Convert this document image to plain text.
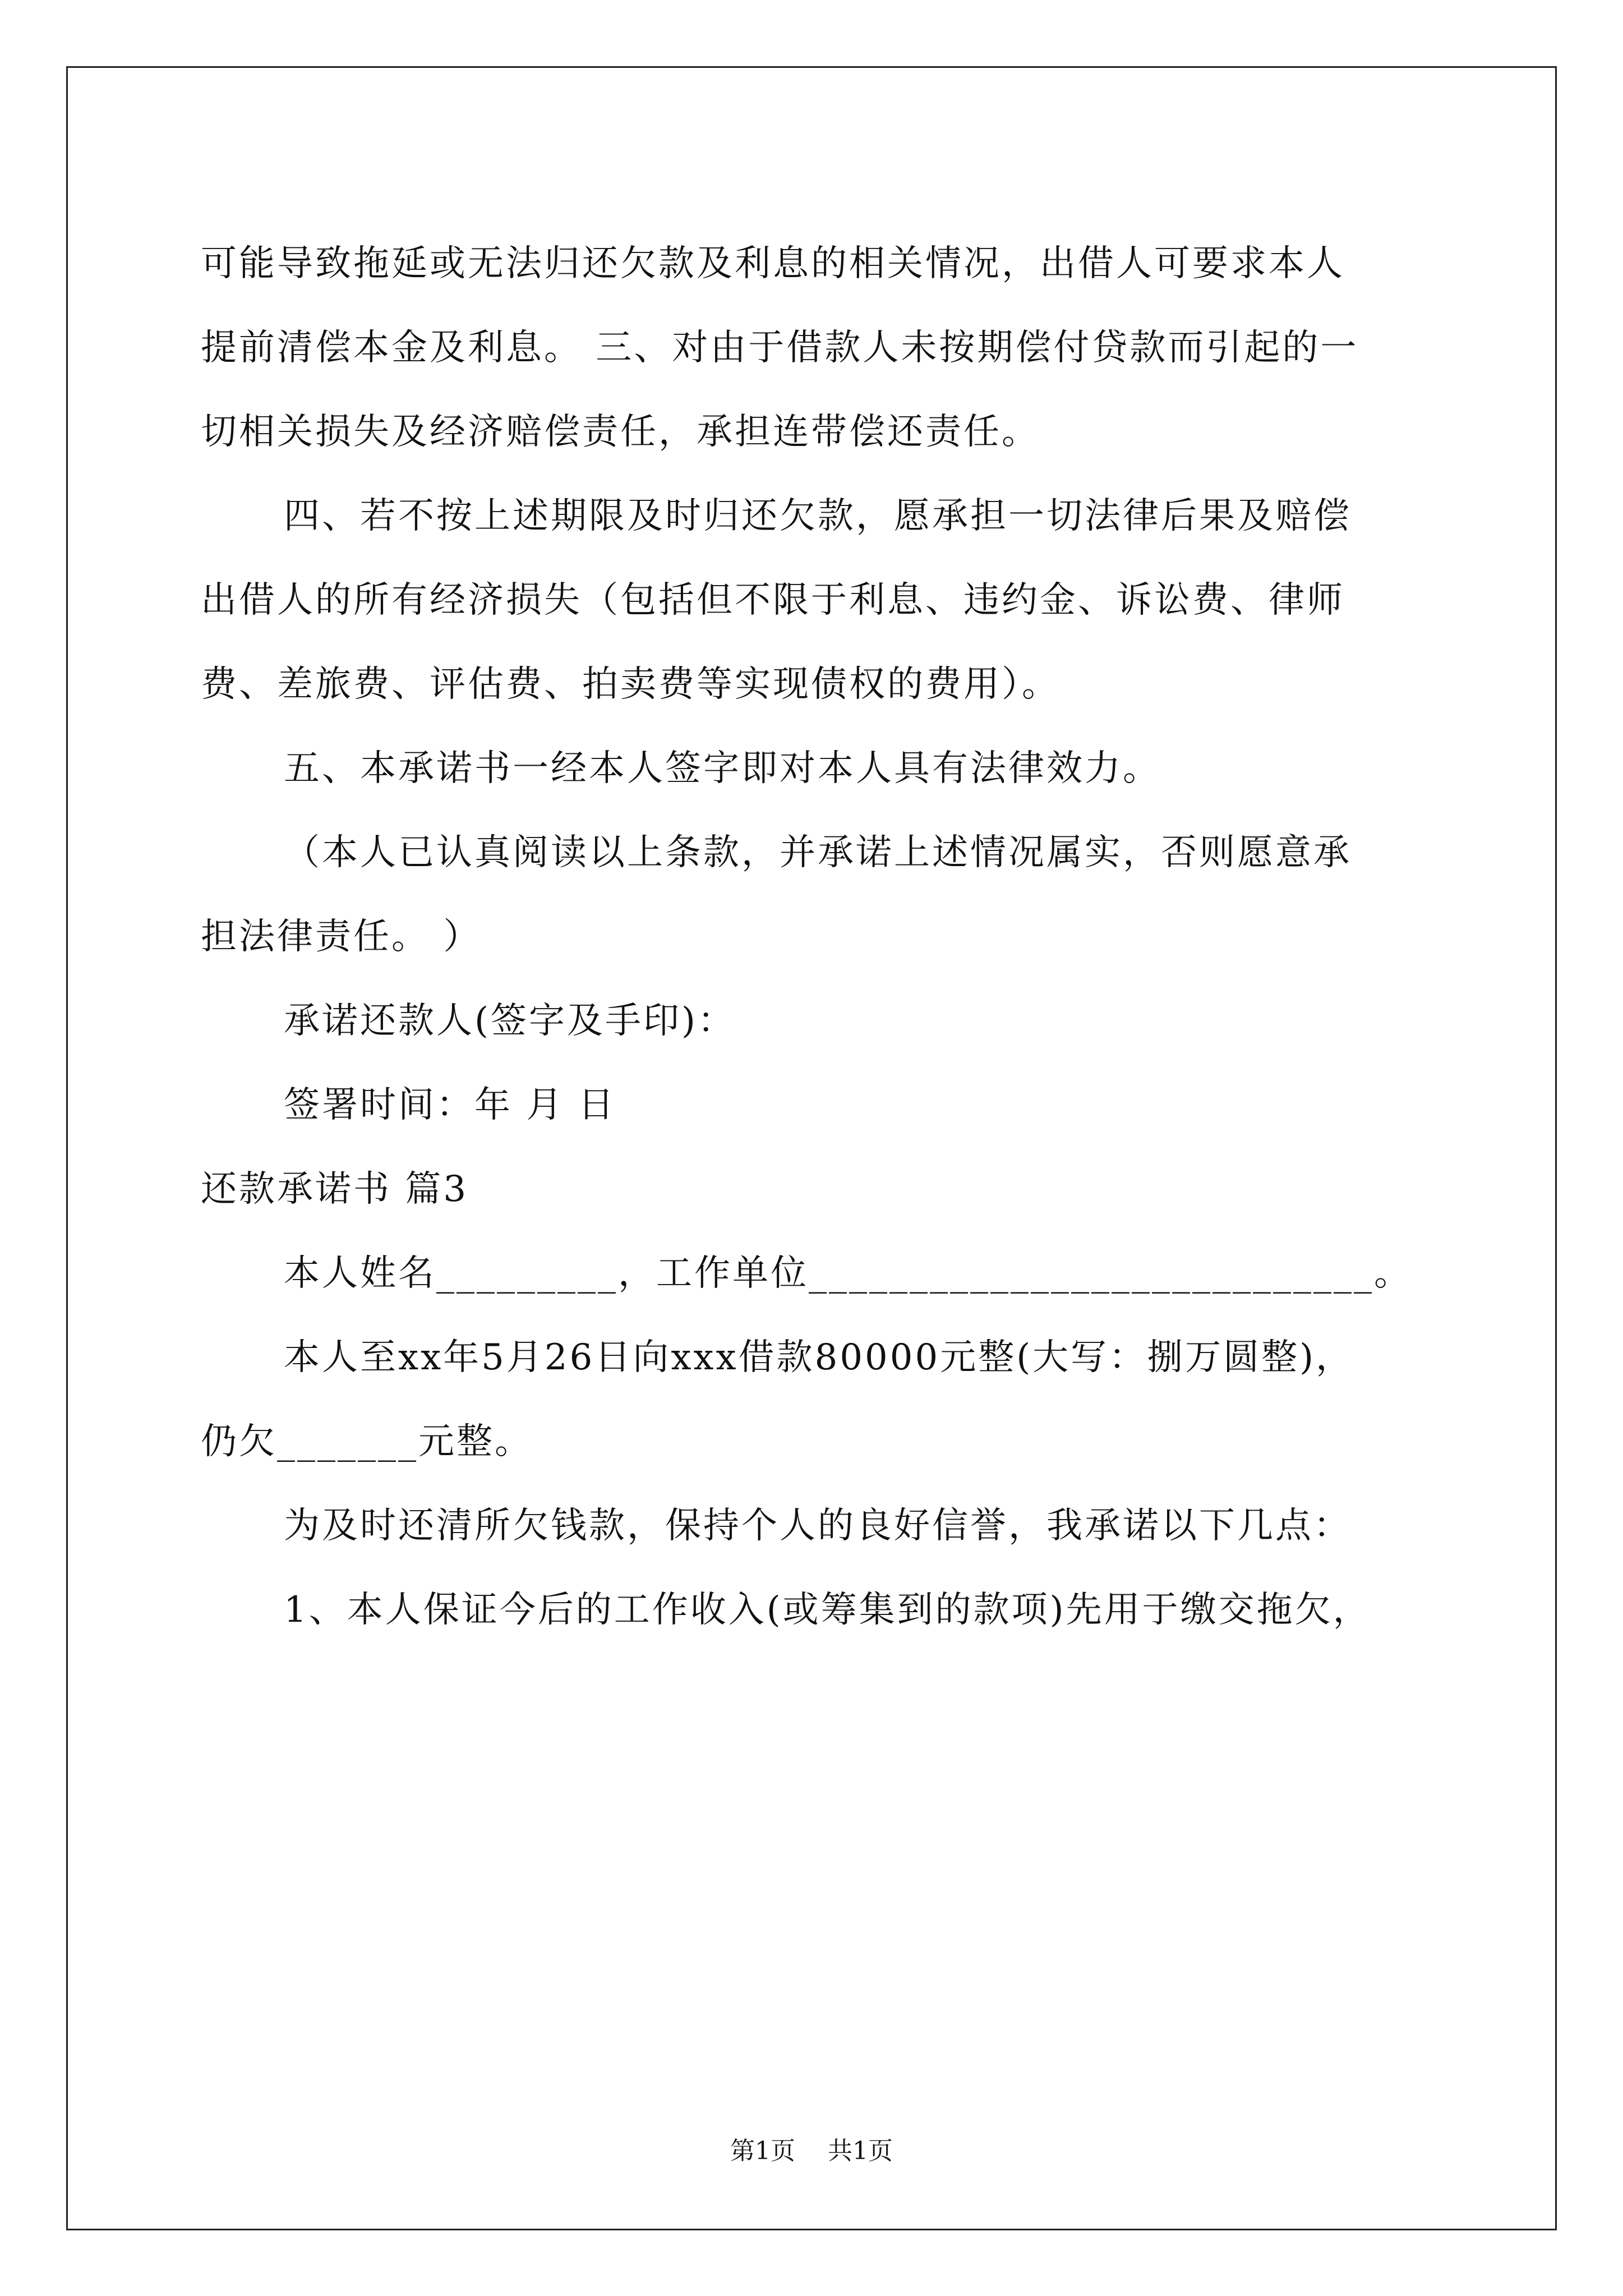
可能导致拖延或无法归还欠款及利息的相关情况，出借人可要求本人
提前清偿本金及利息。 三、对由于借款人未按期偿付贷款而引起的一
切相关损失及经济赔偿责任，承担连带偿还责任。
四、若不按上述期限及时归还欠款，愿承担一切法律后果及赔偿
出借人的所有经济损失（包括但不限于利息、违约金、诉讼费、律师
费、差旅费、评估费、拍卖费等实现债权的费用）。
五、本承诺书一经本人签字即对本人具有法律效力。
（本人已认真阅读以上条款，并承诺上述情况属实，否则愿意承
担法律责任。 ）
承诺还款人(签字及手印)：
签署时间：年 月 日
还款承诺书 篇3
本人姓名_________，工作单位____________________________。
本人至xx年5月26日向xxx借款80000元整(大写：捌万圆整)，
仍欠_______元整。
为及时还清所欠钱款，保持个人的良好信誉，我承诺以下几点：
1、本人保证今后的工作收入(或筹集到的款项)先用于缴交拖欠，
第1页 共1页
